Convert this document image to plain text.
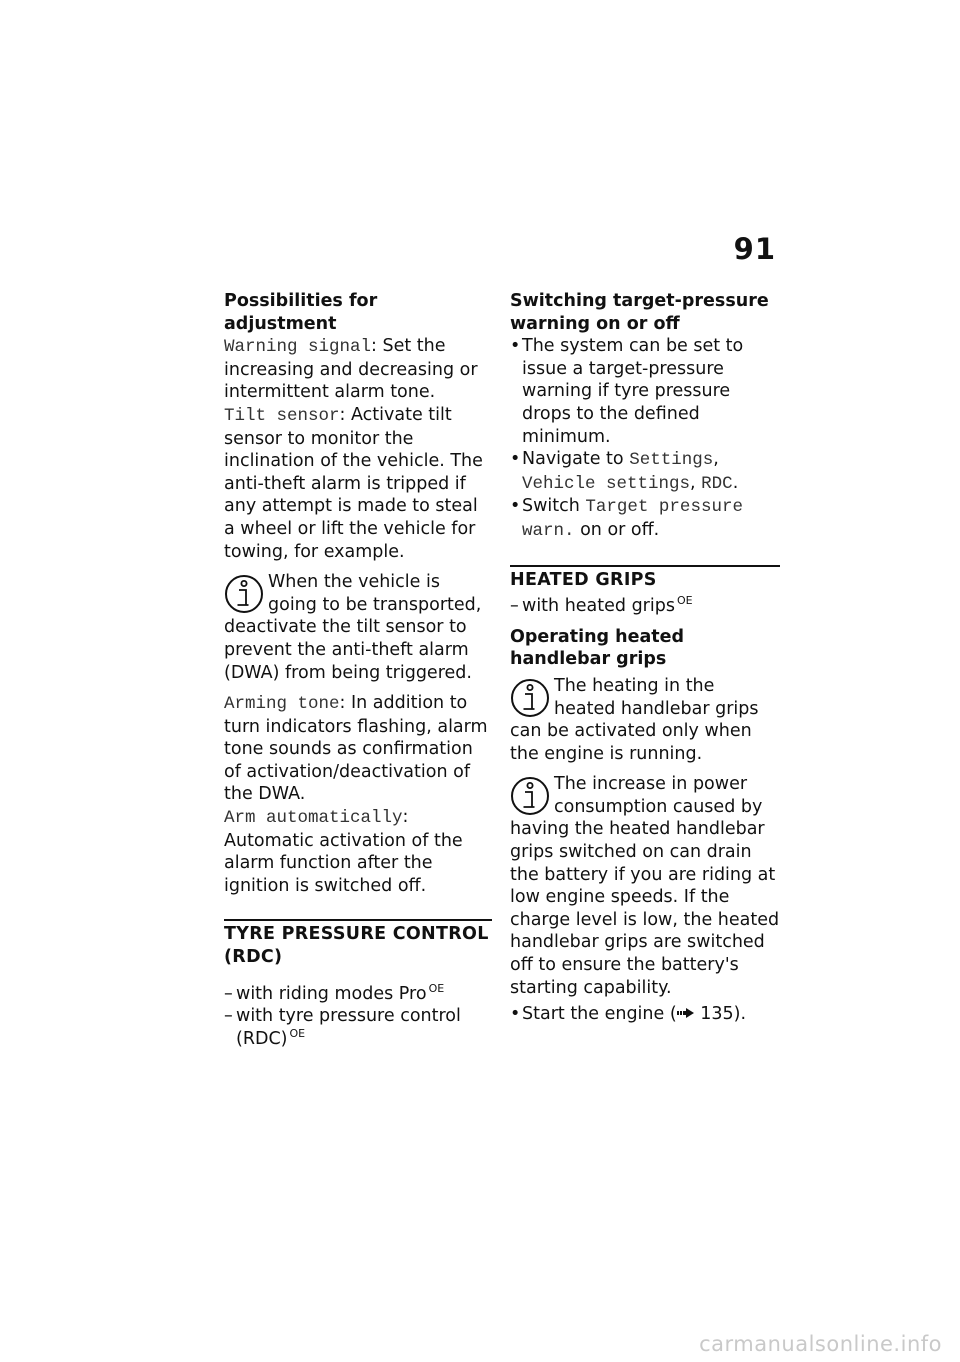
91
Possibilities for adjustment

Warning signal: Set the increasing and decreasing or intermittent alarm tone.

Tilt sensor: Activate tilt sensor to monitor the inclination of the vehicle. The anti-theft alarm is tripped if any attempt is made to steal a wheel or lift the vehicle for towing, for example.

When the vehicle is going to be transported, deactivate the tilt sensor to prevent the anti-theft alarm (DWA) from being triggered.

Arming tone: In addition to turn indicators flashing, alarm tone sounds as confirmation of activation/deactivation of the DWA.

Arm automatically: Automatic activation of the alarm function after the ignition is switched off.

TYRE PRESSURE CONTROL (RDC)

– with riding modes Pro $^{OE}$

– with tyre pressure control (RDC) $^{OE}$

Switching target-pressure warning on or off
• The system can be set to issue a target-pressure warning if tyre pressure drops to the defined minimum.
• Navigate to Settings, Vehicle settings, RDC.
• Switch Target pressure warn. on or off.
HEATED GRIPS

– with heated grips $^{OE}$

Operating heated handlebar grips

The heating in the heated handlebar grips can be activated only when the engine is running.

The increase in power consumption caused by having the heated handlebar grips switched on can drain the battery if you are riding at low engine speeds. If the charge level is low, the heated handlebar grips are switched off to ensure the battery's starting capability.

• Start the engine ( 135).
carmanualsonline.info
